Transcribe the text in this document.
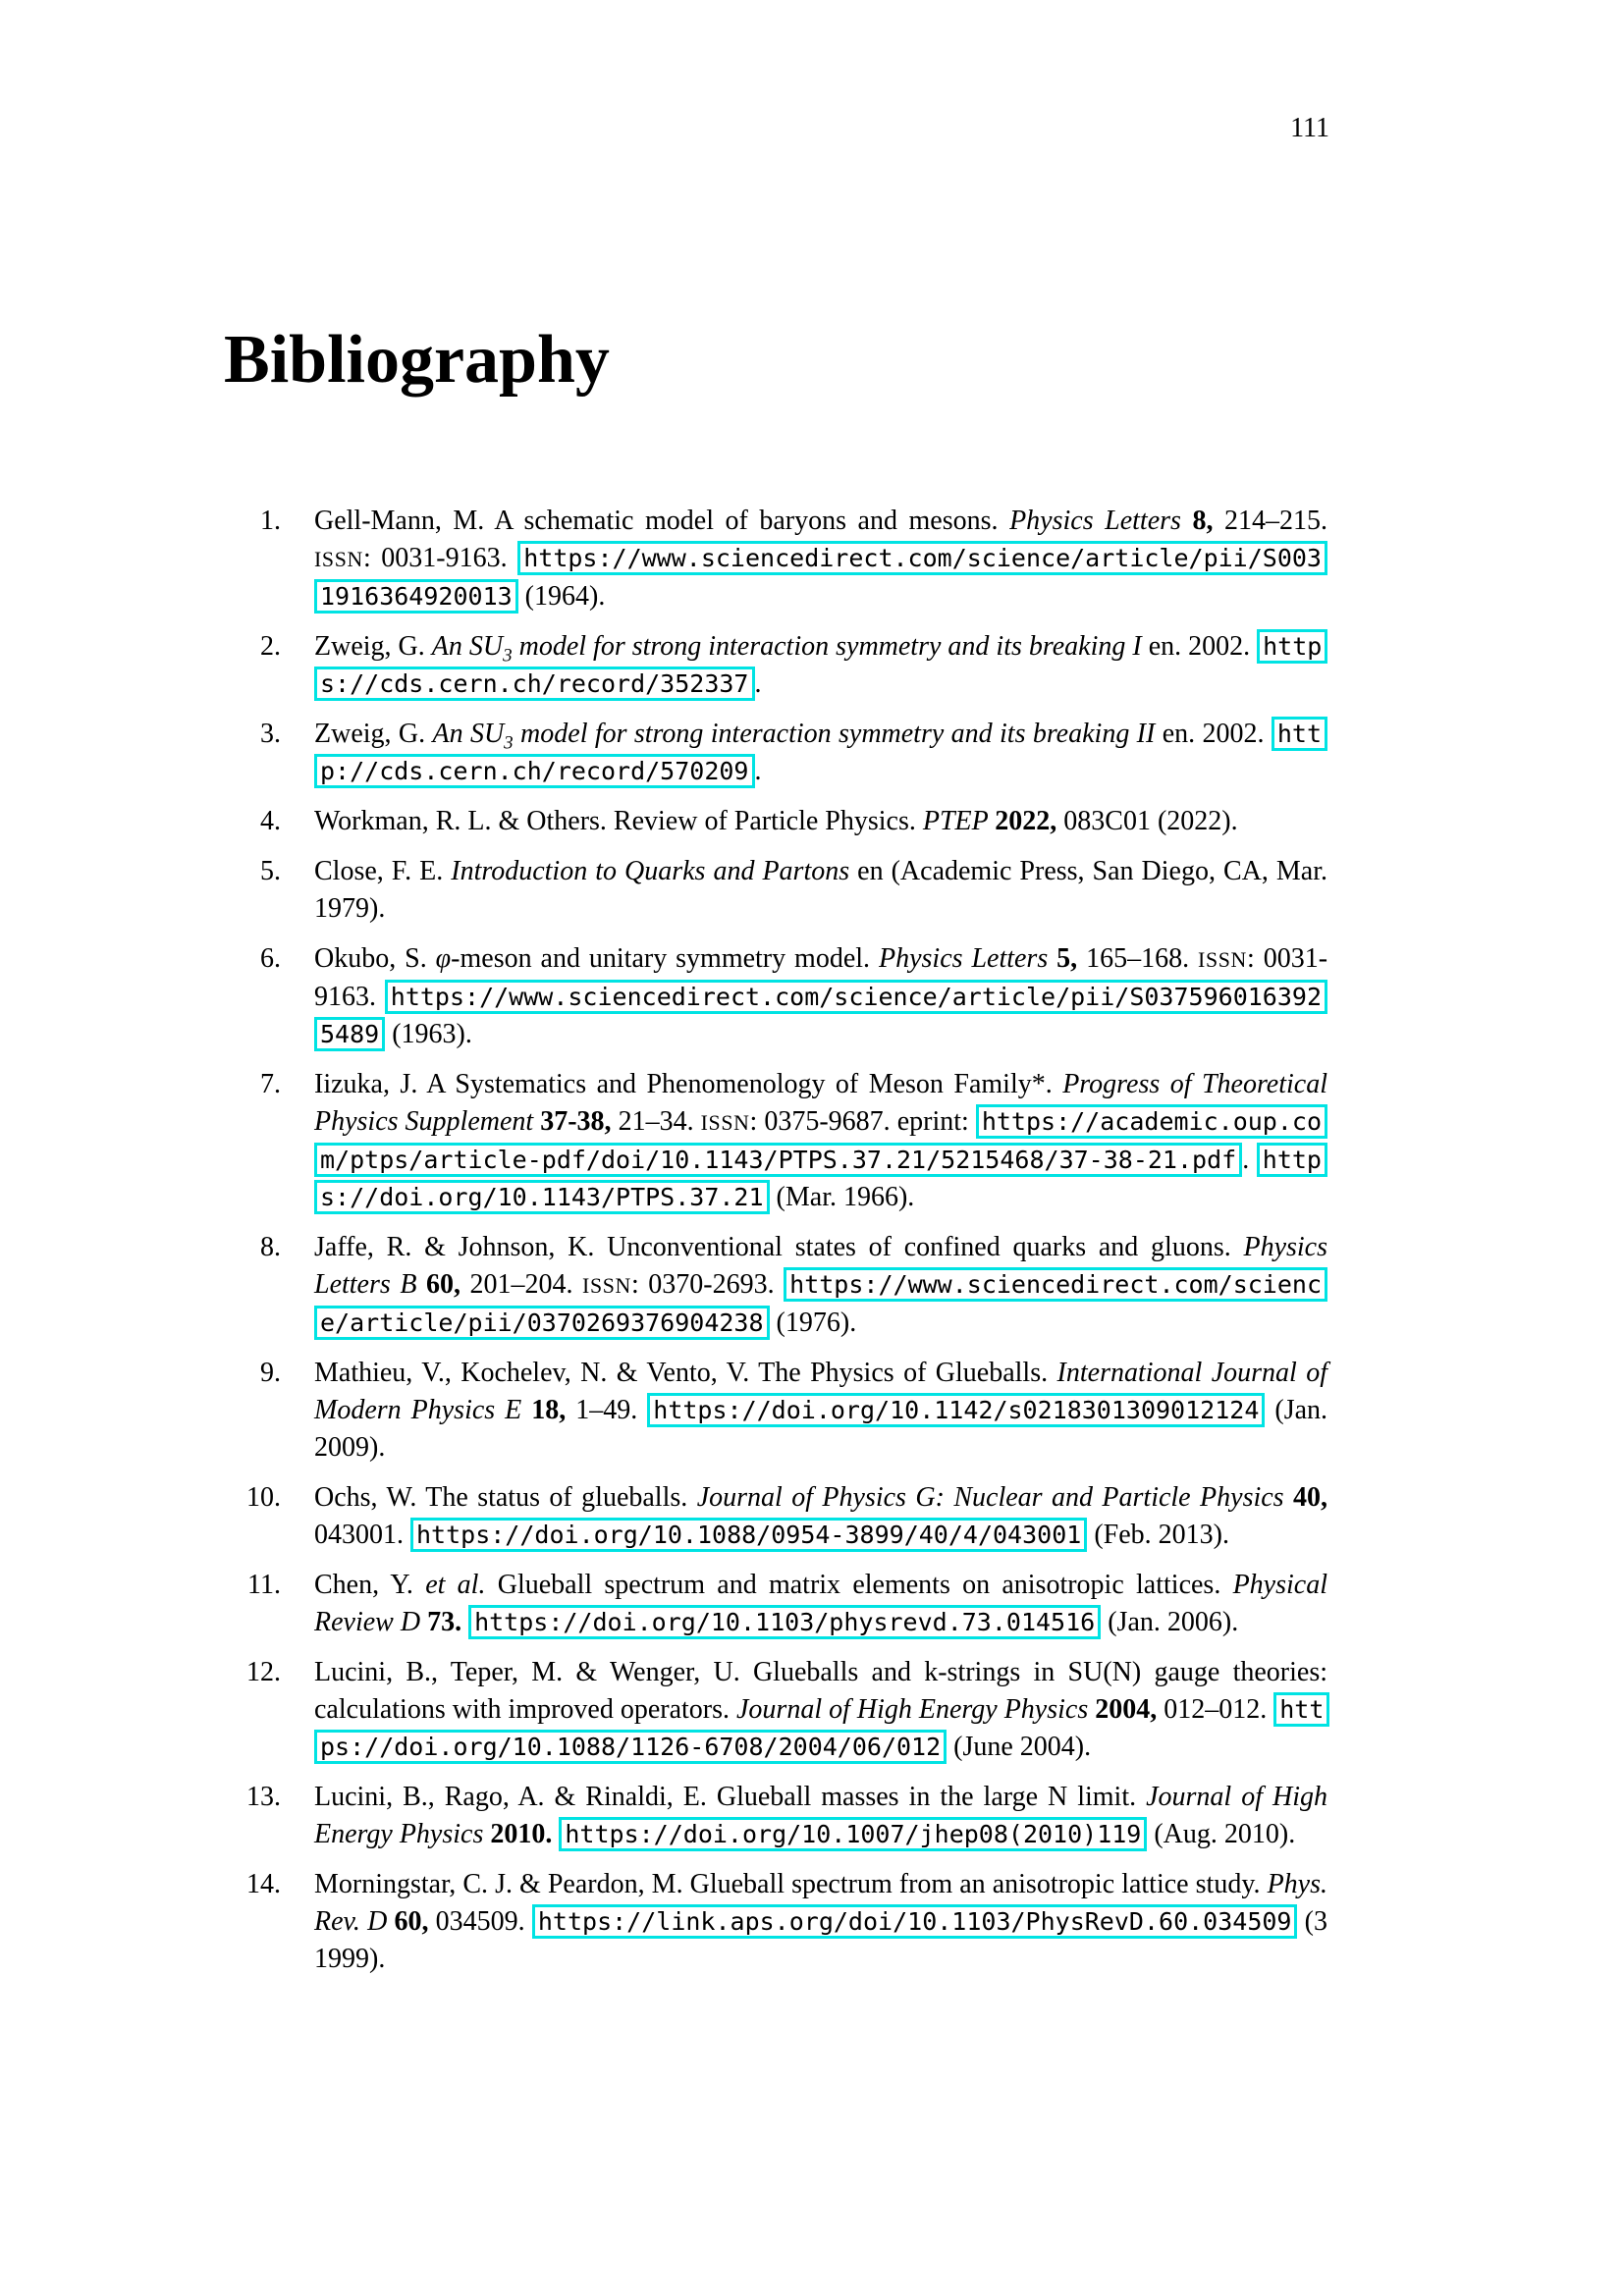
111
Bibliography
1. Gell-Mann, M. A schematic model of baryons and mesons. Physics Letters 8, 214–215. ISSN: 0031-9163. https://www.sciencedirect.com/science/article/pii/S0031916364920013 (1964).
2. Zweig, G. An $SU_3$ model for strong interaction symmetry and its breaking I en. 2002. https://cds.cern.ch/record/352337 .
3. Zweig, G. An $SU_3$ model for strong interaction symmetry and its breaking II en. 2002. http://cds.cern.ch/record/570209 .
4. Workman, R. L. & Others. Review of Particle Physics. PTEP 2022, 083C01 (2022).
5. Close, F. E. Introduction to Quarks and Partons en (Academic Press, San Diego, CA, Mar. 1979).
6. Okubo, S. φ-meson and unitary symmetry model. Physics Letters 5, 165–168. ISSN: 0031-9163. https://www.sciencedirect.com/science/article/pii/S0375960163925489 (1963).
7. Iizuka, J. A Systematics and Phenomenology of Meson Family*. Progress of Theoretical Physics Supplement 37-38, 21–34. ISSN: 0375-9687. eprint: https://academic.oup.com/ptps/article-pdf/doi/10.1143/PTPS.37.21/5215468/37-38-21.pdf . https://doi.org/10.1143/PTPS.37.21 (Mar. 1966).
8. Jaffe, R. & Johnson, K. Unconventional states of confined quarks and gluons. Physics Letters B 60, 201–204. ISSN: 0370-2693. https://www.sciencedirect.com/science/article/pii/0370269376904238 (1976).
9. Mathieu, V., Kochelev, N. & Vento, V. The Physics of Glueballs. International Journal of Modern Physics E 18, 1–49. https://doi.org/10.1142/s0218301309012124 (Jan. 2009).
10. Ochs, W. The status of glueballs. Journal of Physics G: Nuclear and Particle Physics 40, 043001. https://doi.org/10.1088/0954-3899/40/4/043001 (Feb. 2013).
11. Chen, Y. et al. Glueball spectrum and matrix elements on anisotropic lattices. Physical Review D 73. https://doi.org/10.1103/physrevd.73.014516 (Jan. 2006).
12. Lucini, B., Teper, M. & Wenger, U. Glueballs and k-strings in SU(N) gauge theories: calculations with improved operators. Journal of High Energy Physics 2004, 012–012. https://doi.org/10.1088/1126-6708/2004/06/012 (June 2004).
13. Lucini, B., Rago, A. & Rinaldi, E. Glueball masses in the large N limit. Journal of High Energy Physics 2010. https://doi.org/10.1007/jhep08(2010)119 (Aug. 2010).
14. Morningstar, C. J. & Peardon, M. Glueball spectrum from an anisotropic lattice study. Phys. Rev. D 60, 034509. https://link.aps.org/doi/10.1103/PhysRevD.60.034509 (3 1999).
